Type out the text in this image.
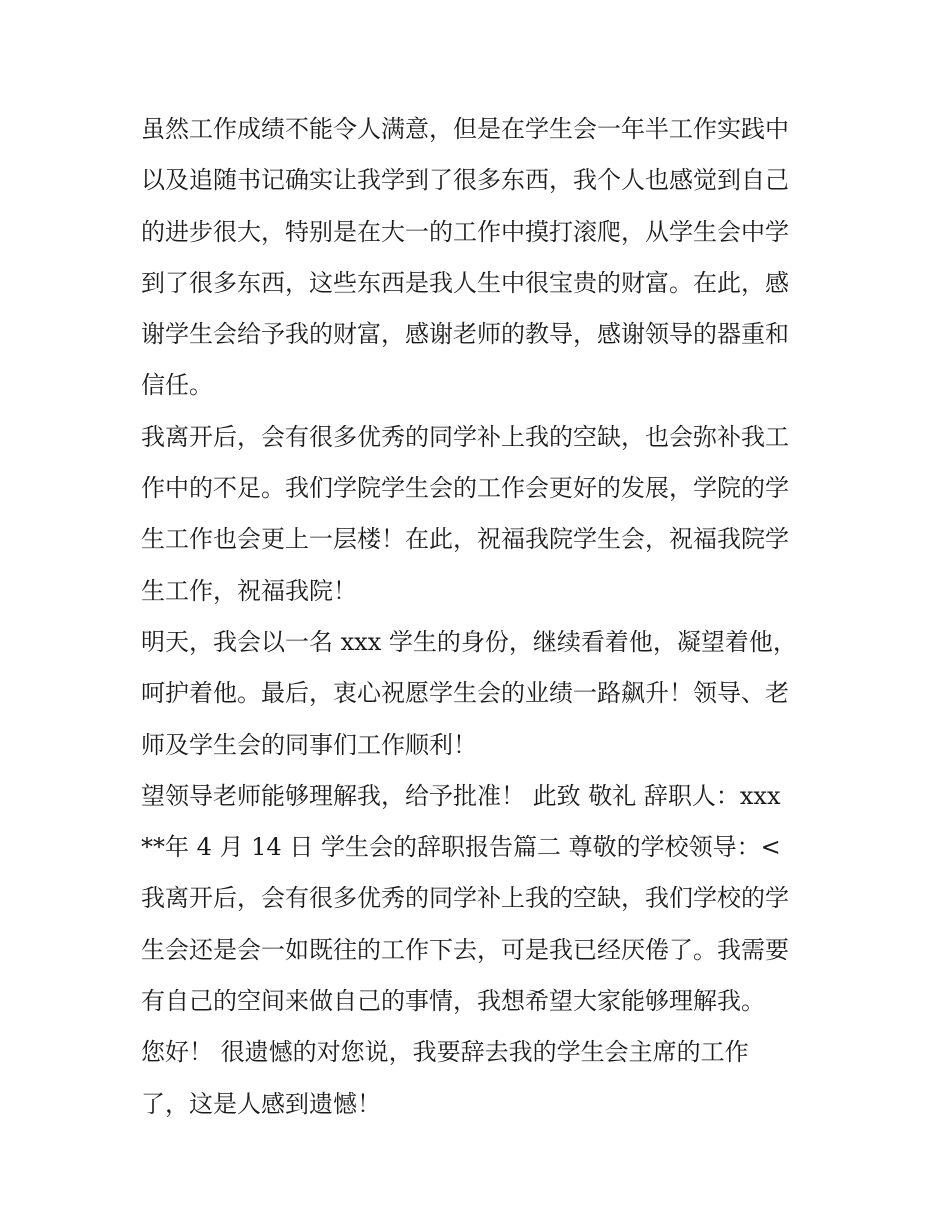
虽然工作成绩不能令人满意，但是在学生会一年半工作实践中
以及追随书记确实让我学到了很多东西，我个人也感觉到自己
的进步很大，特别是在大一的工作中摸打滚爬，从学生会中学
到了很多东西，这些东西是我人生中很宝贵的财富。在此，感
谢学生会给予我的财富，感谢老师的教导，感谢领导的器重和
信任。
我离开后，会有很多优秀的同学补上我的空缺，也会弥补我工
作中的不足。我们学院学生会的工作会更好的发展，学院的学
生工作也会更上一层楼！在此，祝福我院学生会，祝福我院学
生工作，祝福我院！
明天，我会以一名 xxx 学生的身份，继续看着他，凝望着他，
呵护着他。最后，衷心祝愿学生会的业绩一路飙升！领导、老
师及学生会的同事们工作顺利！
望领导老师能够理解我，给予批准！ 此致 敬礼 辞职人：xxx
**年 4 月 14 日 学生会的辞职报告篇二 尊敬的学校领导：<
我离开后，会有很多优秀的同学补上我的空缺，我们学校的学
生会还是会一如既往的工作下去，可是我已经厌倦了。我需要
有自己的空间来做自己的事情，我想希望大家能够理解我。
您好！ 很遗憾的对您说，我要辞去我的学生会主席的工作
了，这是人感到遗憾！
